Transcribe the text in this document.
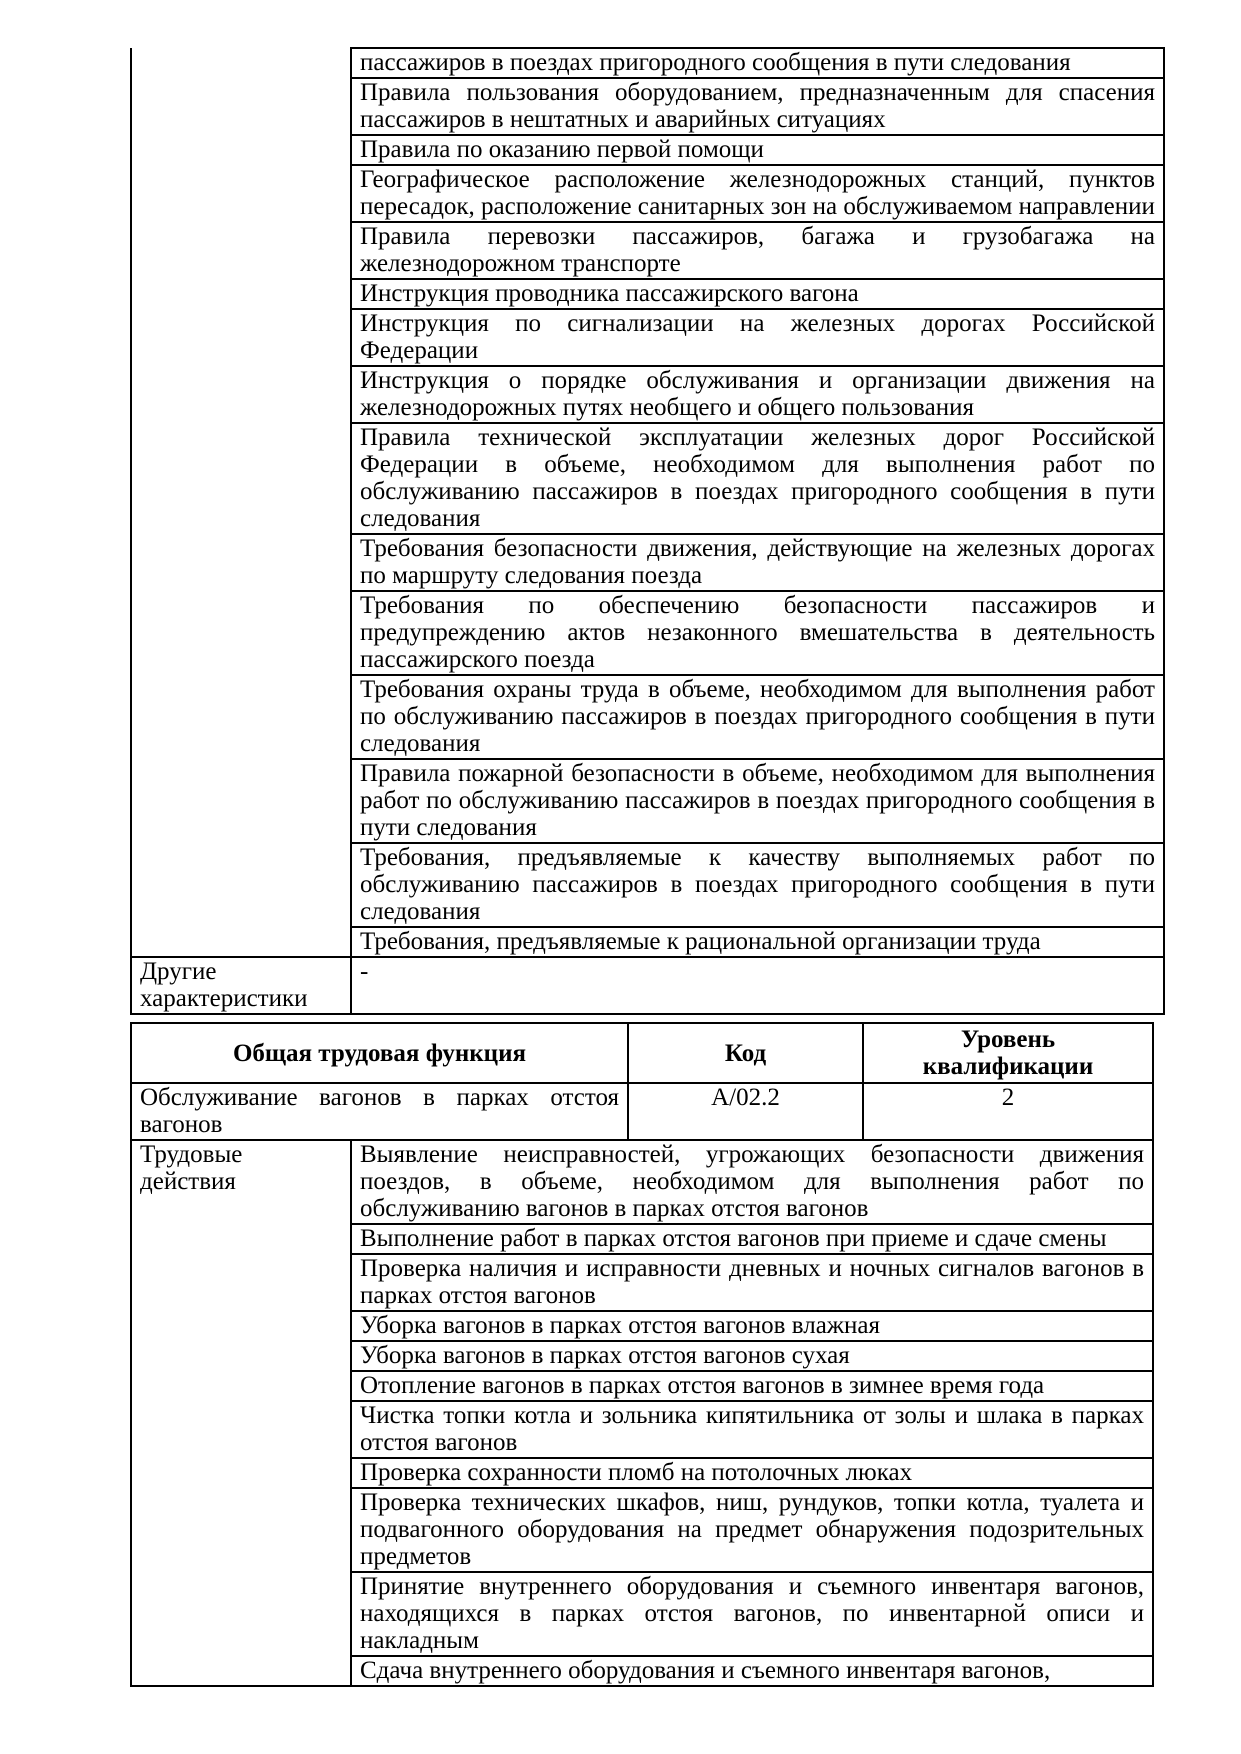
	пассажиров в поездах пригородного сообщения в пути следования
	Правила пользования оборудованием, предназначенным для спасения пассажиров в нештатных и аварийных ситуациях
	Правила по оказанию первой помощи
	Географическое расположение железнодорожных станций, пунктов пересадок, расположение санитарных зон на обслуживаемом направлении
	Правила перевозки пассажиров, багажа и грузобагажа на железнодорожном транспорте
	Инструкция проводника пассажирского вагона
	Инструкция по сигнализации на железных дорогах Российской Федерации
	Инструкция о порядке обслуживания и организации движения на железнодорожных путях необщего и общего пользования
	Правила технической эксплуатации железных дорог Российской Федерации в объеме, необходимом для выполнения работ по обслуживанию пассажиров в поездах пригородного сообщения в пути следования
	Требования безопасности движения, действующие на железных дорогах по маршруту следования поезда
	Требования по обеспечению безопасности пассажиров и предупреждению актов незаконного вмешательства в деятельность пассажирского поезда
	Требования охраны труда в объеме, необходимом для выполнения работ по обслуживанию пассажиров в поездах пригородного сообщения в пути следования
	Правила пожарной безопасности в объеме, необходимом для выполнения работ по обслуживанию пассажиров в поездах пригородного сообщения в пути следования
	Требования, предъявляемые к качеству выполняемых работ по обслуживанию пассажиров в поездах пригородного сообщения в пути следования
	Требования, предъявляемые к рациональной организации труда
Другие характеристики	-
Общая трудовая функция		Код	Уровень квалификации
Обслуживание вагонов в парках отстоя вагонов		А/02.2	2
Трудовые действия	Выявление неисправностей, угрожающих безопасности движения поездов, в объеме, необходимом для выполнения работ по обслуживанию вагонов в парках отстоя вагонов		
	Выполнение работ в парках отстоя вагонов при приеме и сдаче смены		
	Проверка наличия и исправности дневных и ночных сигналов вагонов в парках отстоя вагонов		
	Уборка вагонов в парках отстоя вагонов влажная		
	Уборка вагонов в парках отстоя вагонов сухая		
	Отопление вагонов в парках отстоя вагонов в зимнее время года		
	Чистка топки котла и зольника кипятильника от золы и шлака в парках отстоя вагонов		
	Проверка сохранности пломб на потолочных люках		
	Проверка технических шкафов, ниш, рундуков, топки котла, туалета и подвагонного оборудования на предмет обнаружения подозрительных предметов		
	Принятие внутреннего оборудования и съемного инвентаря вагонов, находящихся в парках отстоя вагонов, по инвентарной описи и накладным		
	Сдача внутреннего оборудования и съемного инвентаря вагонов,		
